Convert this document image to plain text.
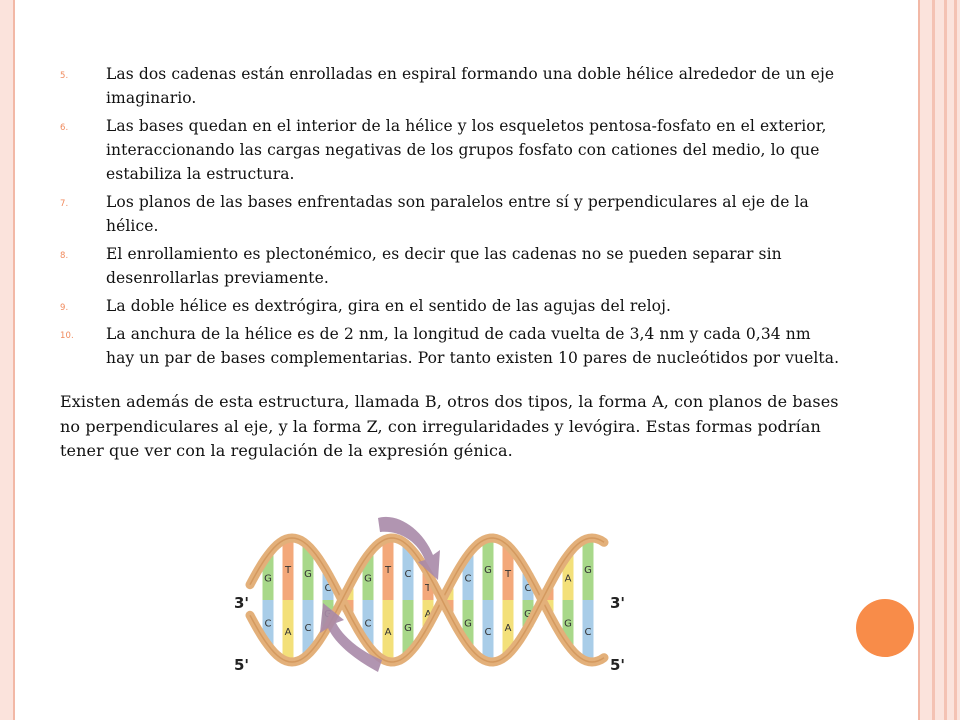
5. Las dos cadenas están enrolladas en espiral formando una doble hélice alrededor de un eje imaginario.
6. Las bases quedan en el interior de la hélice y los esqueletos pentosa-fosfato en el exterior, interaccionando las cargas negativas de los grupos fosfato con cationes del medio, lo que estabiliza la estructura.
7. Los planos de las bases enfrentadas son paralelos entre sí y perpendiculares al eje de la hélice.
8. El enrollamiento es plectonémico, es decir que las cadenas no se pueden separar sin desenrollarlas previamente.
9. La doble hélice es dextrógira, gira en el sentido de las agujas del reloj.
10. La anchura de la hélice es de 2 nm, la longitud de cada vuelta de 3,4 nm y cada 0,34 nm hay un par de bases complementarias. Por tanto existen 10 pares de nucleótidos por vuelta.

Existen además de esta estructura, llamada B, otros dos tipos, la forma A, con planos de bases no perpendiculares al eje, y la forma Z, con irregularidades y levógira. Estas formas podrían tener que ver con la regulación de la expresión génica.

G
C
T
A
G
C
C
G
C
T
A
C
G
T
A
C
G
G
C
T
A
C
G
A
G
G
C
3'
5'
3'
5'
